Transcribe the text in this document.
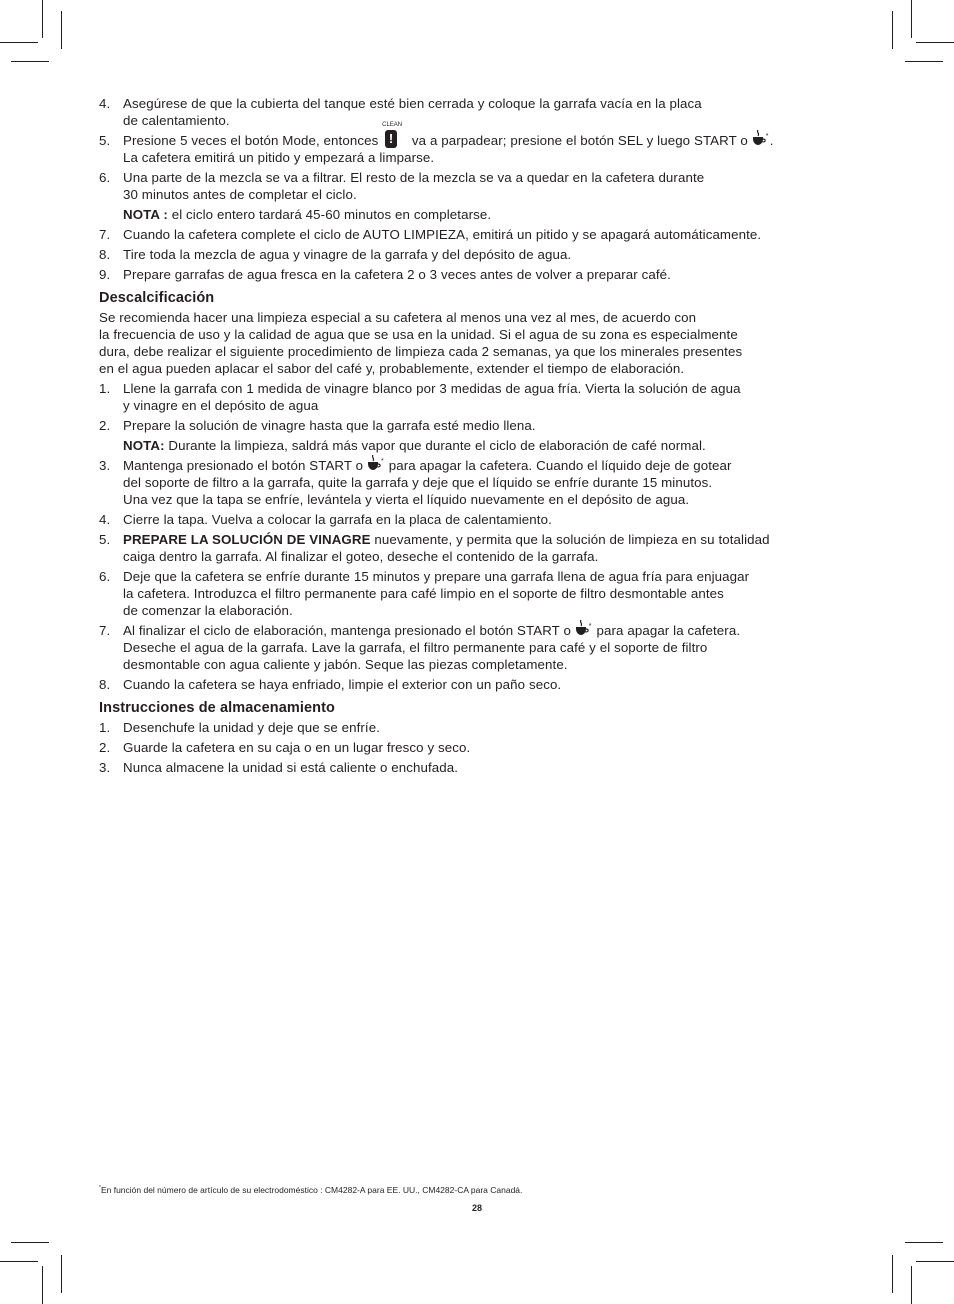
4. Asegúrese de que la cubierta del tanque esté bien cerrada y coloque la garrafa vacía en la placa
de calentamiento.
5. Presione 5 veces el botón Mode, entonces
CLEAN
! va a parpadear; presione el botón SEL y luego START o * .
La cafetera emitirá un pitido y empezará a limparse.
6. Una parte de la mezcla se va a filtrar. El resto de la mezcla se va a quedar en la cafetera durante
30 minutos antes de completar el ciclo.
NOTA : el ciclo entero tardará 45-60 minutos en completarse.
7. Cuando la cafetera complete el ciclo de AUTO LIMPIEZA, emitirá un pitido y se apagará automáticamente.
8. Tire toda la mezcla de agua y vinagre de la garrafa y del depósito de agua.
9. Prepare garrafas de agua fresca en la cafetera 2 o 3 veces antes de volver a preparar café.
Descalcificación
Se recomienda hacer una limpieza especial a su cafetera al menos una vez al mes, de acuerdo con
la frecuencia de uso y la calidad de agua que se usa en la unidad. Si el agua de su zona es especialmente
dura, debe realizar el siguiente procedimiento de limpieza cada 2 semanas, ya que los minerales presentes
en el agua pueden aplacar el sabor del café y, probablemente, extender el tiempo de elaboración.
1. Llene la garrafa con 1 medida de vinagre blanco por 3 medidas de agua fría. Vierta la solución de agua
y vinagre en el depósito de agua
2. Prepare la solución de vinagre hasta que la garrafa esté medio llena.
NOTA: Durante la limpieza, saldrá más vapor que durante el ciclo de elaboración de café normal.
3. Mantenga presionado el botón START o * para apagar la cafetera. Cuando el líquido deje de gotear
del soporte de filtro a la garrafa, quite la garrafa y deje que el líquido se enfríe durante 15 minutos.
Una vez que la tapa se enfríe, levántela y vierta el líquido nuevamente en el depósito de agua.
4. Cierre la tapa. Vuelva a colocar la garrafa en la placa de calentamiento.
5. PREPARE LA SOLUCIÓN DE VINAGRE nuevamente, y permita que la solución de limpieza en su totalidad
caiga dentro la garrafa. Al finalizar el goteo, deseche el contenido de la garrafa.
6. Deje que la cafetera se enfríe durante 15 minutos y prepare una garrafa llena de agua fría para enjuagar
la cafetera. Introduzca el filtro permanente para café limpio en el soporte de filtro desmontable antes
de comenzar la elaboración.
7. Al finalizar el ciclo de elaboración, mantenga presionado el botón START o * para apagar la cafetera.
Deseche el agua de la garrafa. Lave la garrafa, el filtro permanente para café y el soporte de filtro
desmontable con agua caliente y jabón. Seque las piezas completamente.
8. Cuando la cafetera se haya enfriado, limpie el exterior con un paño seco.
Instrucciones de almacenamiento
1. Desenchufe la unidad y deje que se enfríe.
2. Guarde la cafetera en su caja o en un lugar fresco y seco.
3. Nunca almacene la unidad si está caliente o enchufada.
*En función del número de artículo de su electrodoméstico : CM4282-A para EE. UU., CM4282-CA para Canadá.
28
